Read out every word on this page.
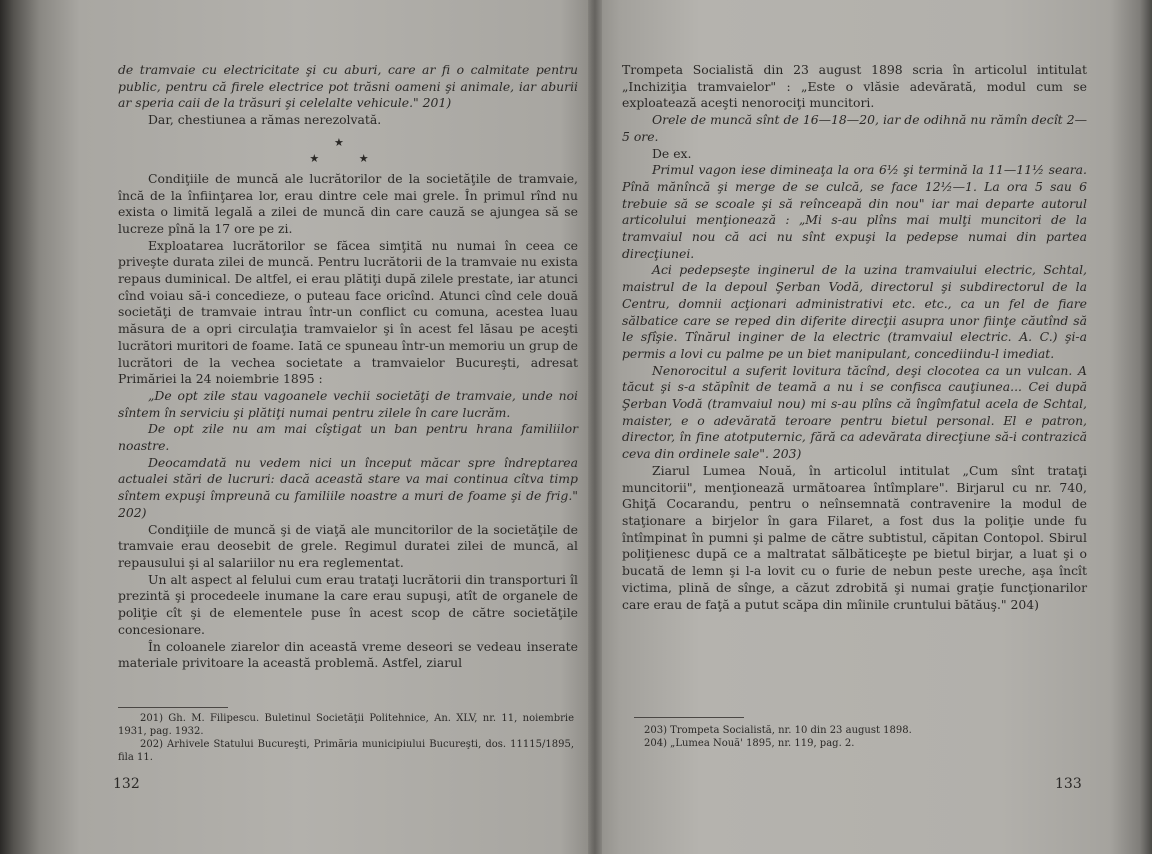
de tramvaie cu electricitate şi cu aburi, care ar fi o calmitate pentru public, pentru că firele electrice pot trăsni oameni şi animale, iar aburii ar speria caii de la trăsuri şi celelalte vehicule." 201)

Dar, chestiunea a rămas nerezolvată.

★
★ ★

Condiţiile de muncă ale lucrătorilor de la societăţile de tramvaie, încă de la înfiinţarea lor, erau dintre cele mai grele. În primul rînd nu exista o limită legală a zilei de muncă din care cauză se ajungea să se lucreze pînă la 17 ore pe zi.

Exploatarea lucrătorilor se făcea simţită nu numai în ceea ce priveşte durata zilei de muncă. Pentru lucrătorii de la tramvaie nu exista repaus duminical. De altfel, ei erau plătiţi după zilele prestate, iar atunci cînd voiau să-i concedieze, o puteau face oricînd. Atunci cînd cele două societăţi de tramvaie intrau într-un conflict cu comuna, acestea luau măsura de a opri circulaţia tramvaielor şi în acest fel lăsau pe aceşti lucrători muritori de foame. Iată ce spuneau într-un memoriu un grup de lucrători de la vechea societate a tramvaielor Bucureşti, adresat Primăriei la 24 noiembrie 1895 :

„De opt zile stau vagoanele vechii societăţi de tramvaie, unde noi sîntem în serviciu şi plătiţi numai pentru zilele în care lucrăm.

De opt zile nu am mai cîştigat un ban pentru hrana familiilor noastre.

Deocamdată nu vedem nici un început măcar spre îndreptarea actualei stări de lucruri: dacă această stare va mai continua cîtva timp sîntem expuşi împreună cu familiile noastre a muri de foame şi de frig." 202)

Condiţiile de muncă şi de viaţă ale muncitorilor de la societăţile de tramvaie erau deosebit de grele. Regimul duratei zilei de muncă, al repausului şi al salariilor nu era reglementat.

Un alt aspect al felului cum erau trataţi lucrătorii din transporturi îl prezintă şi procedeele inumane la care erau supuşi, atît de organele de poliţie cît şi de elementele puse în acest scop de către societăţile concesionare.

În coloanele ziarelor din această vreme deseori se vedeau inserate materiale privitoare la această problemă. Astfel, ziarul

201) Gh. M. Filipescu. Buletinul Societăţii Politehnice, An. XLV, nr. 11, noiembrie 1931, pag. 1932.

202) Arhivele Statului Bucureşti, Primăria municipiului Bucureşti, dos. 11115/1895, fila 11.

132

Trompeta Socialistă din 23 august 1898 scria în articolul intitulat „Inchiziţia tramvaielor" : „Este o vlăsie adevărată, modul cum se exploatează aceşti nenorociţi muncitori.

Orele de muncă sînt de 16—18—20, iar de odihnă nu rămîn decît 2—5 ore.

De ex.

Primul vagon iese dimineaţa la ora 6½ şi termină la 11—11½ seara. Pînă mănîncă şi merge de se culcă, se face 12½—1. La ora 5 sau 6 trebuie să se scoale şi să reînceapă din nou" iar mai departe autorul articolului menţionează : „Mi s-au plîns mai mulţi muncitori de la tramvaiul nou că aci nu sînt expuşi la pedepse numai din partea direcţiunei.

Aci pedepseşte inginerul de la uzina tramvaiului electric, Schtal, maistrul de la depoul Şerban Vodă, directorul şi subdirectorul de la Centru, domnii acţionari administrativi etc. etc., ca un fel de fiare sălbatice care se reped din diferite direcţii asupra unor fiinţe căutînd să le sfîşie. Tînărul inginer de la electric (tramvaiul electric. A. C.) şi-a permis a lovi cu palme pe un biet manipulant, concediindu-l imediat.

Nenorocitul a suferit lovitura tăcînd, deşi clocotea ca un vulcan. A tăcut şi s-a stăpînit de teamă a nu i se confisca cauţiunea... Cei după Şerban Vodă (tramvaiul nou) mi s-au plîns că îngîmfatul acela de Schtal, maister, e o adevărată teroare pentru bietul personal. El e patron, director, în fine atotputernic, fără ca adevărata direcţiune să-i contrazică ceva din ordinele sale". 203)

Ziarul Lumea Nouă, în articolul intitulat „Cum sînt trataţi muncitorii", menţionează următoarea întîmplare". Birjarul cu nr. 740, Ghiţă Cocarandu, pentru o neînsemnată contravenire la modul de staţionare a birjelor în gara Filaret, a fost dus la poliţie unde fu întîmpinat în pumni şi palme de către subtistul, căpitan Contopol. Sbirul poliţienesc după ce a maltratat sălbăticeşte pe bietul birjar, a luat şi o bucată de lemn şi l-a lovit cu o furie de nebun peste ureche, aşa încît victima, plină de sînge, a căzut zdrobită şi numai graţie funcţionarilor care erau de faţă a putut scăpa din mîinile cruntului bătăuş." 204)

203) Trompeta Socialistă, nr. 10 din 23 august 1898.

204) „Lumea Nouă' 1895, nr. 119, pag. 2.

133
